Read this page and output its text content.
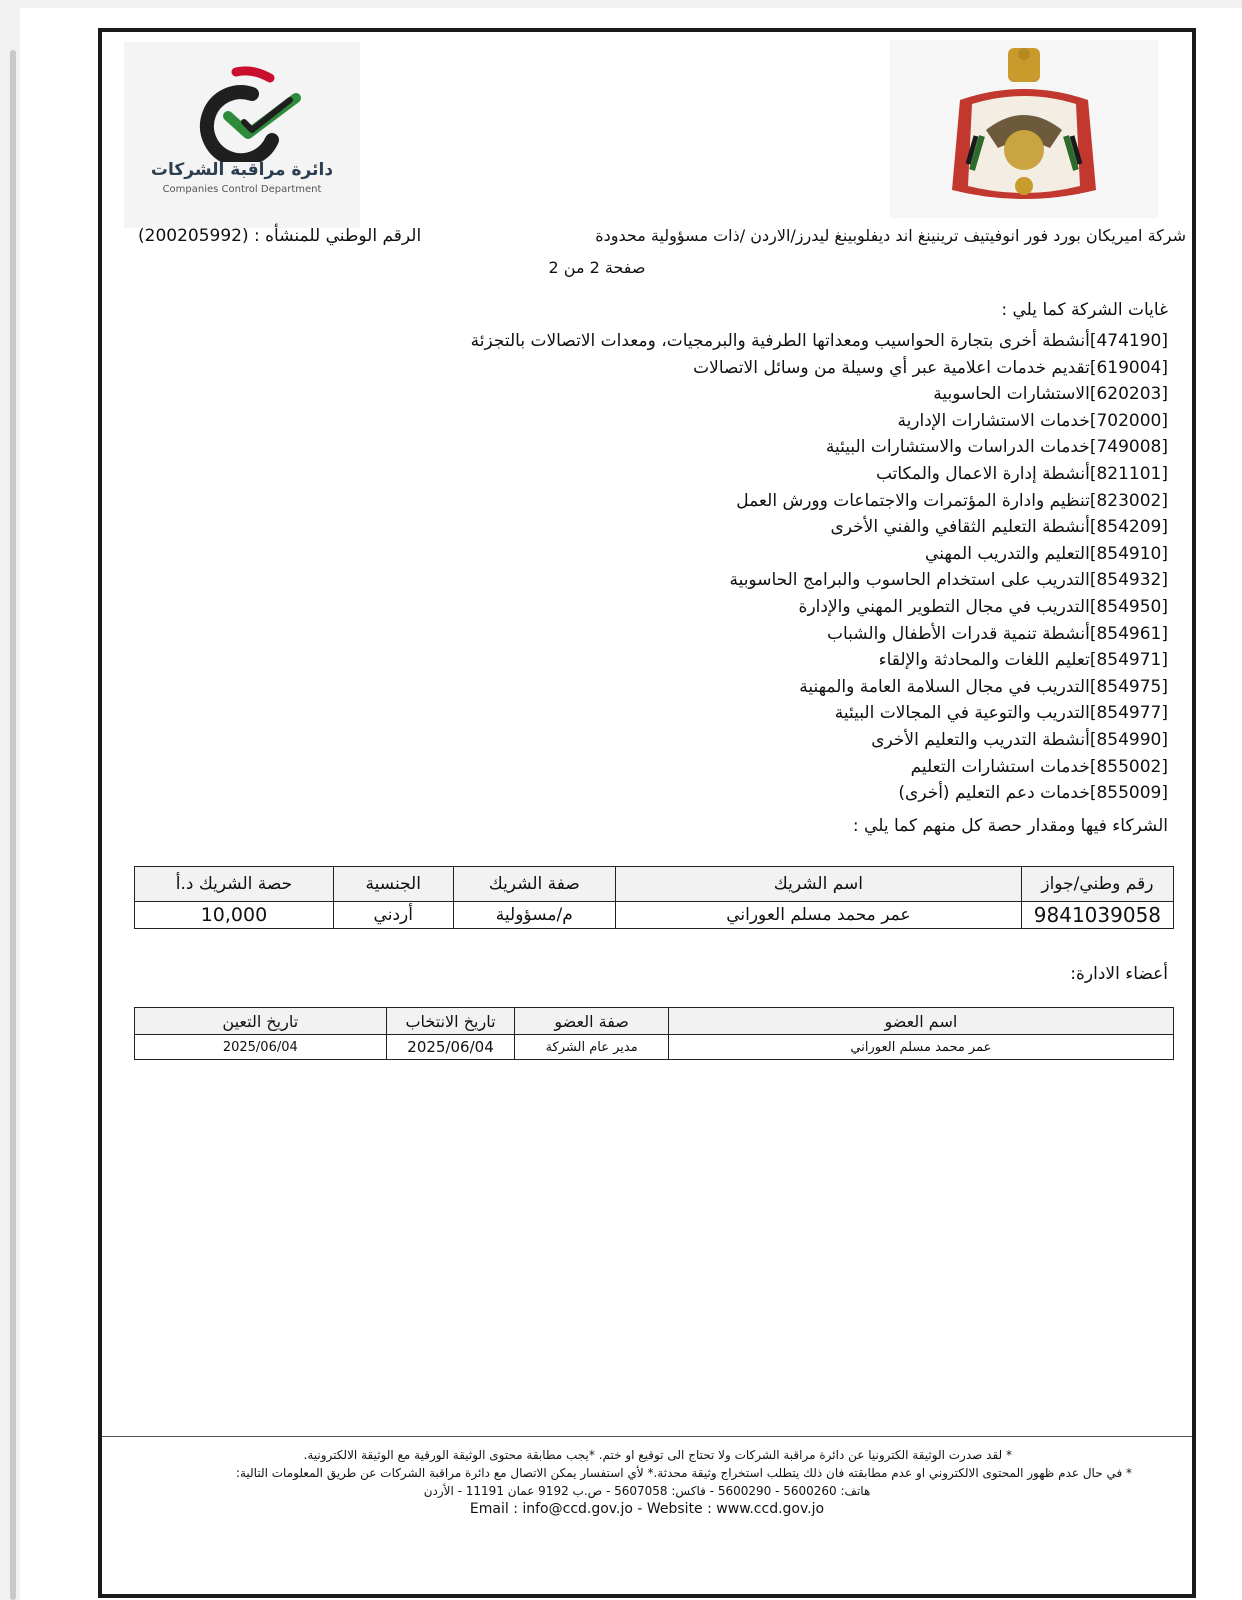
دائرة مراقبة الشركات
Companies Control Department
شركة اميريكان بورد فور انوفيتيف ترينينغ اند ديفلوبينغ ليدرز/الاردن /ذات مسؤولية محدودة
الرقم الوطني للمنشأه : (200205992)
صفحة 2 من 2
غايات الشركة كما يلي :
[474190]أنشطة أخرى بتجارة الحواسيب ومعداتها الطرفية والبرمجيات، ومعدات الاتصالات بالتجزئة
[619004]تقديم خدمات اعلامية عبر أي وسيلة من وسائل الاتصالات
[620203]الاستشارات الحاسوبية
[702000]خدمات الاستشارات الإدارية
[749008]خدمات الدراسات والاستشارات البيئية
[821101]أنشطة إدارة الاعمال والمكاتب
[823002]تنظيم وادارة المؤتمرات والاجتماعات وورش العمل
[854209]أنشطة التعليم الثقافي والفني الأخرى
[854910]التعليم والتدريب المهني
[854932]التدريب على استخدام الحاسوب والبرامج الحاسوبية
[854950]التدريب في مجال التطوير المهني والإدارة
[854961]أنشطة تنمية قدرات الأطفال والشباب
[854971]تعليم اللغات والمحادثة والإلقاء
[854975]التدريب في مجال السلامة العامة والمهنية
[854977]التدريب والتوعية في المجالات البيئية
[854990]أنشطة التدريب والتعليم الأخرى
[855002]خدمات استشارات التعليم
[855009]خدمات دعم التعليم (أخرى)
الشركاء فيها ومقدار حصة كل منهم كما يلي :
رقم وطني/جواز	اسم الشريك	صفة الشريك	الجنسية	حصة الشريك د.أ
9841039058	عمر محمد مسلم العوراني	م/مسؤولية	أردني	10,000
أعضاء الادارة:
اسم العضو	صفة العضو	تاريخ الانتخاب	تاريخ التعين
عمر محمد مسلم العوراني	مدير عام الشركة	2025/06/04	2025/06/04
* لقد صدرت الوثيقة الكترونيا عن دائرة مراقبة الشركات ولا تحتاج الى توقيع او ختم. *يجب مطابقة محتوى الوثيقة الورقية مع الوثيقة الالكترونية.
* في حال عدم ظهور المحتوى الالكتروني او عدم مطابقته فان ذلك يتطلب استخراج وثيقة محدثة.* لأي استفسار يمكن الاتصال مع دائرة مراقبة الشركات عن طريق المعلومات التالية:
هاتف: 5600260 - 5600290 - فاكس: 5607058 - ص.ب 9192 عمان 11191 - الأردن
Email : info@ccd.gov.jo - Website : www.ccd.gov.jo
